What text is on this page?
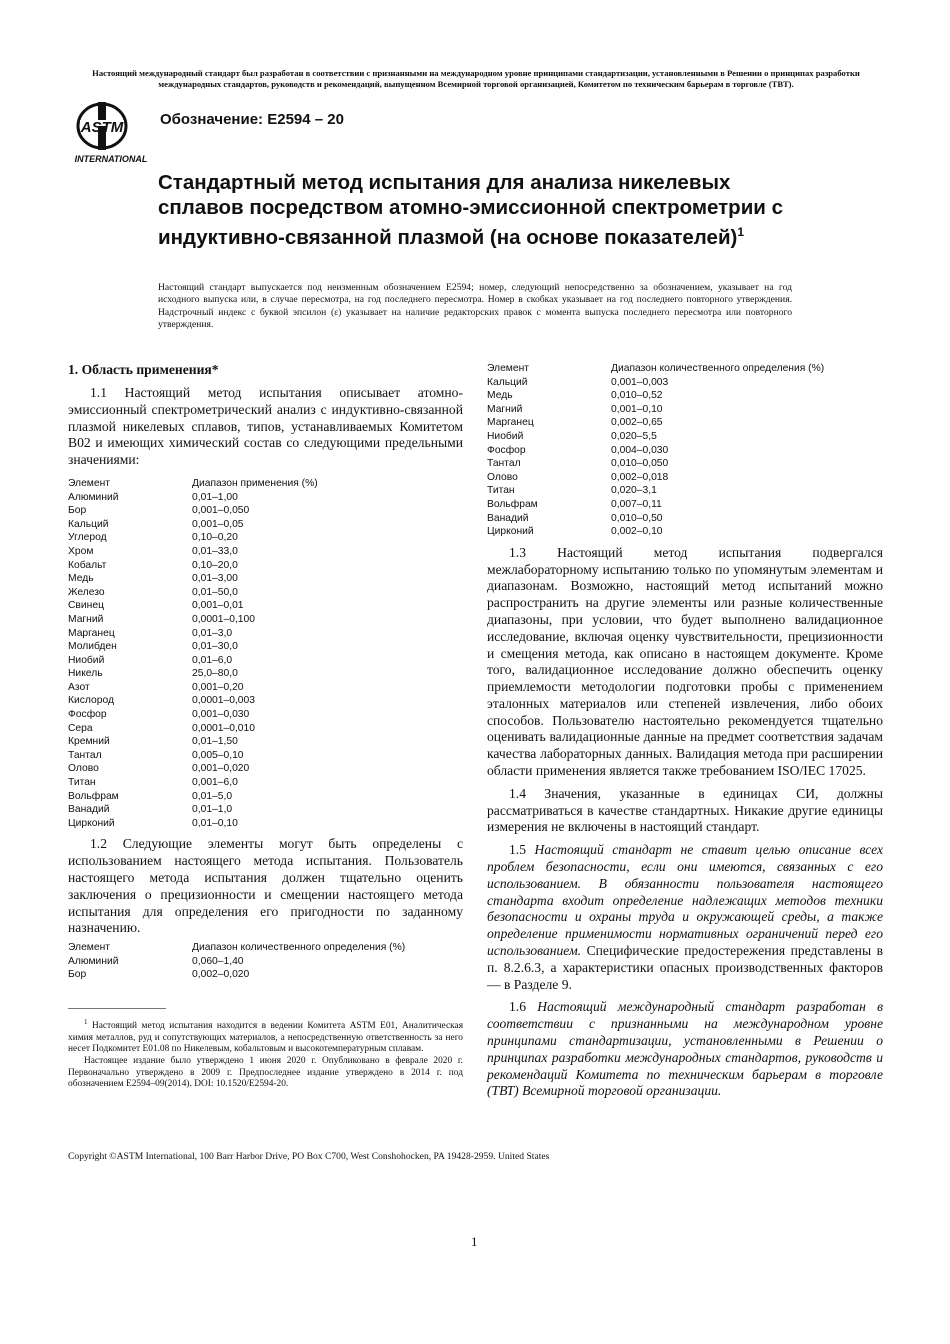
Настоящий международный стандарт был разработан в соответствии с признанными на международном уровне принципами стандартизации, установленными в Решении о принципах разработки международных стандартов, руководств и рекомендаций, выпущенном Всемирной торговой организацией, Комитетом по техническим барьерам в торговле (ТВТ).
ASTM
INTERNATIONAL
Обозначение: E2594 – 20
Стандартный метод испытания для анализа никелевых сплавов посредством атомно-эмиссионной спектрометрии с индуктивно-связанной плазмой (на основе показателей)$^1$

Настоящий стандарт выпускается под неизменным обозначением E2594; номер, следующий непосредственно за обозначением, указывает на год исходного выпуска или, в случае пересмотра, на год последнего пересмотра. Номер в скобках указывает на год последнего повторного утверждения. Надстрочный индекс с буквой эпсилон (ε) указывает на наличие редакторских правок с момента выпуска последнего пересмотра или повторного утверждения.

1. Область применения*

1.1 Настоящий метод испытания описывает атомно-эмиссионный спектрометрический анализ с индуктивно-связанной плазмой никелевых сплавов, типов, устанавливаемых Комитетом B02 и имеющих химический состав со следующими предельными значениями:

Элемент	Диапазон применения (%)
Алюминий	0,01–1,00
Бор	0,001–0,050
Кальций	0,001–0,05
Углерод	0,10–0,20
Хром	0,01–33,0
Кобальт	0,10–20,0
Медь	0,01–3,00
Железо	0,01–50,0
Свинец	0,001–0,01
Магний	0,0001–0,100
Марганец	0,01–3,0
Молибден	0,01–30,0
Ниобий	0,01–6,0
Никель	25,0–80,0
Азот	0,001–0,20
Кислород	0,0001–0,003
Фосфор	0,001–0,030
Сера	0,0001–0,010
Кремний	0,01–1,50
Тантал	0,005–0,10
Олово	0,001–0,020
Титан	0,001–6,0
Вольфрам	0,01–5,0
Ванадий	0,01–1,0
Цирконий	0,01–0,10

1.2 Следующие элементы могут быть определены с использованием настоящего метода испытания. Пользователь настоящего метода испытания должен тщательно оценить заключения о прецизионности и смещении настоящего метода испытания для определения его пригодности по заданному назначению.

Элемент	Диапазон количественного определения (%)
Алюминий	0,060–1,40
Бор	0,002–0,020
Элемент	Диапазон количественного определения (%)
Кальций	0,001–0,003
Медь	0,010–0,52
Магний	0,001–0,10
Марганец	0,002–0,65
Ниобий	0,020–5,5
Фосфор	0,004–0,030
Тантал	0,010–0,050
Олово	0,002–0,018
Титан	0,020–3,1
Вольфрам	0,007–0,11
Ванадий	0,010–0,50
Цирконий	0,002–0,10

1.3 Настоящий метод испытания подвергался межлабораторному испытанию только по упомянутым элементам и диапазонам. Возможно, настоящий метод испытаний можно распространить на другие элементы или разные количественные диапазоны, при условии, что будет выполнено валидационное исследование, включая оценку чувствительности, прецизионности и смещения метода, как описано в настоящем документе. Кроме того, валидационное исследование должно обеспечить оценку приемлемости методологии подготовки пробы с применением эталонных материалов или степеней извлечения, либо обоих способов. Пользователю настоятельно рекомендуется тщательно оценивать валидационные данные на предмет соответствия задачам качества лабораторных данных. Валидация метода при расширении области применения является также требованием ISO/IEC 17025.

1.4 Значения, указанные в единицах СИ, должны рассматриваться в качестве стандартных. Никакие другие единицы измерения не включены в настоящий стандарт.

1.5 Настоящий стандарт не ставит целью описание всех проблем безопасности, если они имеются, связанных с его использованием. В обязанности пользователя настоящего стандарта входит определение надлежащих методов техники безопасности и охраны труда и окружающей среды, а также определение применимости нормативных ограничений перед его использованием. Специфические предостережения представлены в п. 8.2.6.3, а характеристики опасных производственных факторов — в Разделе 9.

1.6 Настоящий международный стандарт разработан в соответствии с признанными на международном уровне принципами стандартизации, установленными в Решении о принципах разработки международных стандартов, руководств и рекомендаций Комитета по техническим барьерам в торговле (ТВТ) Всемирной торговой организации.

$^1$ Настоящий метод испытания находится в ведении Комитета ASTM E01, Аналитическая химия металлов, руд и сопутствующих материалов, а непосредственную ответственность за него несет Подкомитет E01.08 по Никелевым, кобальтовым и высокотемпературным сплавам.

Настоящее издание было утверждено 1 июня 2020 г. Опубликовано в феврале 2020 г. Первоначально утверждено в 2009 г. Предпоследнее издание утверждено в 2014 г. под обозначением E2594–09(2014). DOI: 10.1520/E2594-20.

Copyright ©ASTM International, 100 Barr Harbor Drive, PO Box C700, West Conshohocken, PA 19428-2959. United States
1
